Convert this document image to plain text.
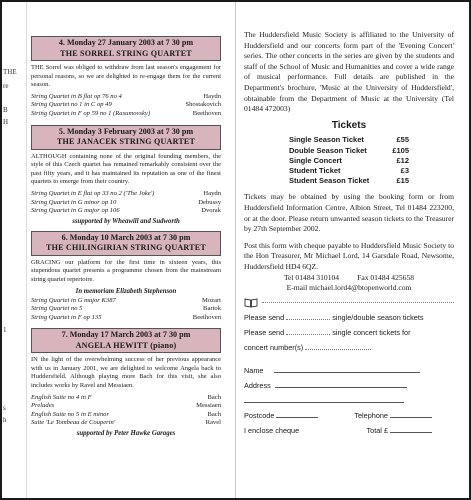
THE
re
B
H
1
s
h
4. Monday 27 January 2003 at 7 30 pm
THE SORREL STRING QUARTET

THE Sorrel was obliged to withdraw from last season's engagement for personal reasons, so we are delighted to re-engage them for the current season.

String Quartet in B flat op 76 no 4	Haydn
String Quartet no 1 in C op 49	Shostakovich
String Quartet in F op 59 no 1 (Rasumovsky)	Beethoven
5. Monday 3 February 2003 at 7 30 pm
THE JANACEK STRING QUARTET

ALTHOUGH containing none of the original founding members, the style of this Czech quartet has remained remarkably consistent over the past fifty years, and it has maintained its reputation as one of the finest quartets to emerge from their country.

String Quartet in E flat op 33 no 2 ('The Joke')	Haydn
String Quartet in G minor op 10	Debussy
String Quartet in G major op 106	Dvorak

ssupported by Wheawill and Sudworth

6. Monday 10 March 2003 at 7 30 pm
THE CHILINGIRIAN STRING QUARTET

GRACING our platform for the first time in sixteen years, this stupendous quartet presents a programme chosen from the mainstream string quartet repertoire.

In memoriam Elizabeth Stephenson

String Quartet in G major K387	Mozart
String Quartet no 5	Bartok
String Quartet in F op 135	Beethoven
7. Monday 17 March 2003 at 7 30 pm
ANGELA HEWITT (piano)

IN the light of the overwhelming success of her previous appearance with us in January 2001, we are delighted to welcome Angela back to Huddersfield. Although playing more Bach for this visit, she also includes works by Ravel and Messiaen.

English Suite no 4 in F	Bach
Preludes	Messiaen
English Suite no 5 in E minor	Bach
Suite 'Le Tombeau de Couperin'	Ravel

supported by Peter Hawke Garages

The Huddersfield Music Society is affiliated to the University of Huddersfield and our concerts form part of the 'Evening Concert' series. The other concerts in the series are given by the students and staff of the School of Music and Humanities and cover a wide range of musical performance. Full details are published in the Department's brochure, 'Music at the University of Huddersfield', obtainable from the Department of Music at the University (Tel 01484 472003)

Tickets
Single Season Ticket	£55
Double Season Ticket	£105
Single Concert	£12
Student Ticket	£3
Student Season Ticket	£15

Tickets may be obtained by using the booking form or from Huddersfield Information Centre, Albion Street, Tel 01484 223200, or at the door. Please return unwanted season tickets to the Treasurer by 27th September 2002.

Post this form with cheque payable to Huddersfield Music Society to the Hon Treasurer, Mr Michael Lord, 14 Garsdale Road, Newsome, Huddersfield HD4 6QZ.

Tel 01484 310104 Fax 01484 425658
E-mail michael.lord4@btopenworld.com
Please send	single/double season tickets
Please send	single concert tickets for
concert number(s)
Name
Address
Postcode	Telephone
I enclose cheque	Total £
